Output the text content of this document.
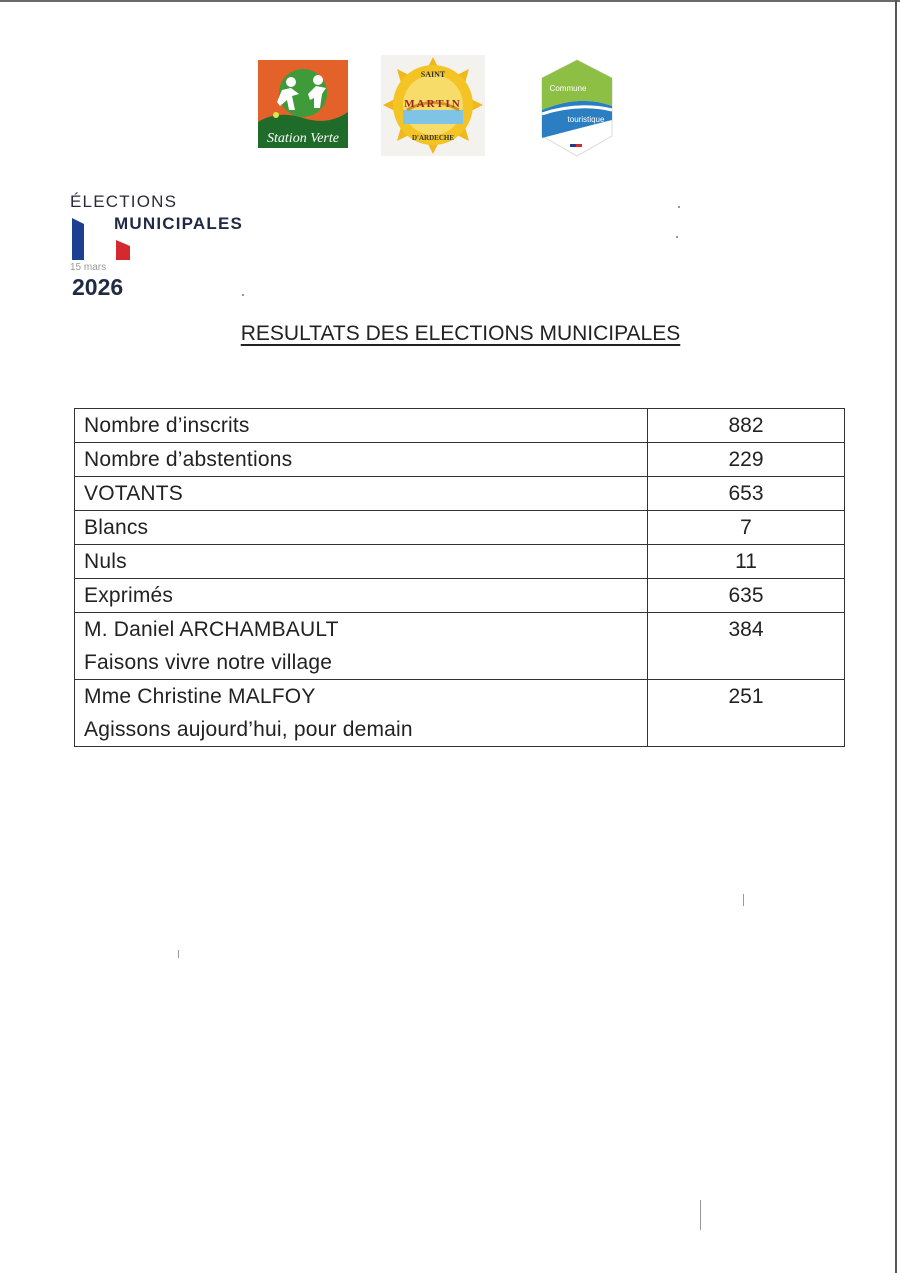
Station Verte
SAINT
MARTIN
D'ARDECHE
Commune
touristique
ÉLECTIONS
MUNICIPALES
15 mars
2026
RESULTATS DES ELECTIONS MUNICIPALES
Nombre d’inscrits	882
Nombre d’abstentions	229
VOTANTS	653
Blancs	7
Nuls	11
Exprimés	635

M. Daniel ARCHAMBAULT
Faisons vivre notre village	384

Mme Christine MALFOY
Agissons aujourd’hui, pour demain	251
